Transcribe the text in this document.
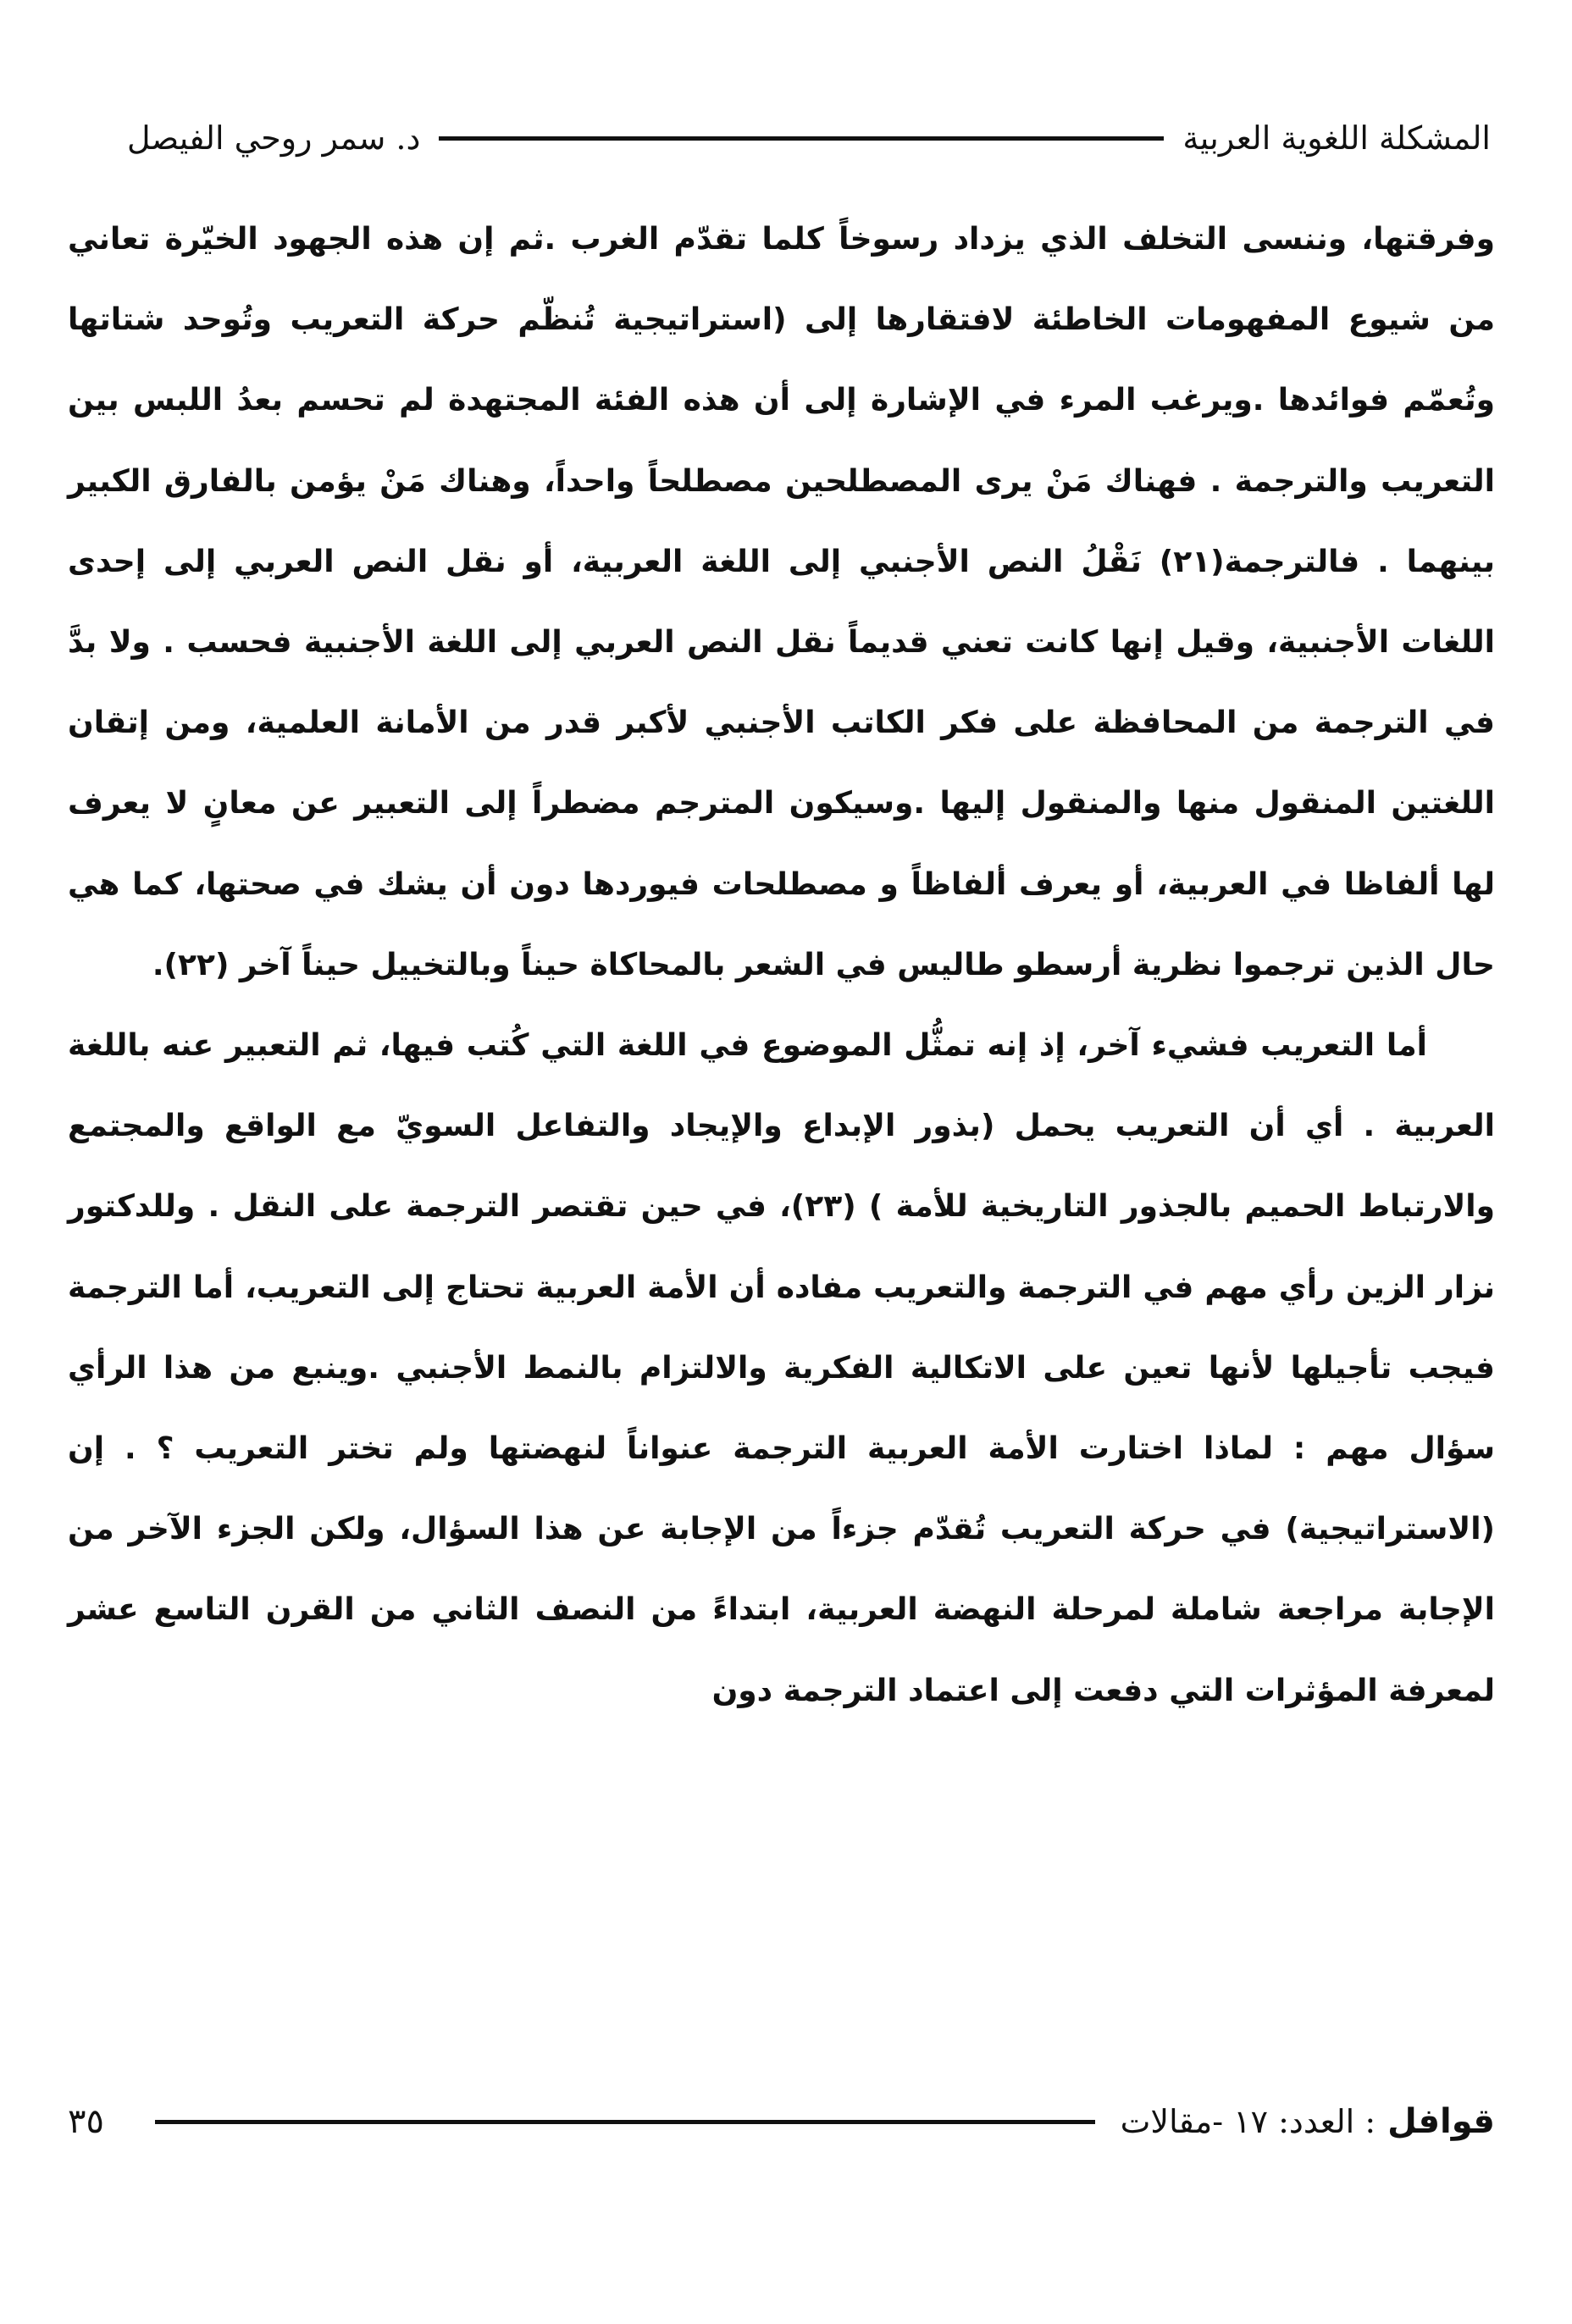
المشكلة اللغوية العربية
د. سمر روحي الفيصل

وفرقتها، وننسى التخلف الذي يزداد رسوخاً كلما تقدّم الغرب .ثم إن هذه الجهود الخيّرة تعاني من شيوع المفهومات الخاطئة لافتقارها إلى (استراتيجية تُنظّم حركة التعريب وتُوحد شتاتها وتُعمّم فوائدها .ويرغب المرء في الإشارة إلى أن هذه الفئة المجتهدة لم تحسم بعدُ اللبس بين التعريب والترجمة . فهناك مَنْ يرى المصطلحين مصطلحاً واحداً، وهناك مَنْ يؤمن بالفارق الكبير بينهما . فالترجمة(٢١) نَقْلُ النص الأجنبي إلى اللغة العربية، أو نقل النص العربي إلى إحدى اللغات الأجنبية، وقيل إنها كانت تعني قديماً نقل النص العربي إلى اللغة الأجنبية فحسب . ولا بدَّ في الترجمة من المحافظة على فكر الكاتب الأجنبي لأكبر قدر من الأمانة العلمية، ومن إتقان اللغتين المنقول منها والمنقول إليها .وسيكون المترجم مضطراً إلى التعبير عن معانٍ لا يعرف لها ألفاظا في العربية، أو يعرف ألفاظاً و مصطلحات فيوردها دون أن يشك في صحتها، كما هي حال الذين ترجموا نظرية أرسطو طاليس في الشعر بالمحاكاة حيناً وبالتخييل حيناً آخر (٢٢).

أما التعريب فشيء آخر، إذ إنه تمثُّل الموضوع في اللغة التي كُتب فيها، ثم التعبير عنه باللغة العربية . أي أن التعريب يحمل (بذور الإبداع والإيجاد والتفاعل السويّ مع الواقع والمجتمع والارتباط الحميم بالجذور التاريخية للأمة ) (٢٣)، في حين تقتصر الترجمة على النقل . وللدكتور نزار الزين رأي مهم في الترجمة والتعريب مفاده أن الأمة العربية تحتاج إلى التعريب، أما الترجمة فيجب تأجيلها لأنها تعين على الاتكالية الفكرية والالتزام بالنمط الأجنبي .وينبع من هذا الرأي سؤال مهم : لماذا اختارت الأمة العربية الترجمة عنواناً لنهضتها ولم تختر التعريب ؟ . إن (الاستراتيجية) في حركة التعريب تُقدّم جزءاً من الإجابة عن هذا السؤال، ولكن الجزء الآخر من الإجابة مراجعة شاملة لمرحلة النهضة العربية، ابتداءً من النصف الثاني من القرن التاسع عشر لمعرفة المؤثرات التي دفعت إلى اعتماد الترجمة دون

قوافل
: العدد: ١٧ -مقالات
٣٥
